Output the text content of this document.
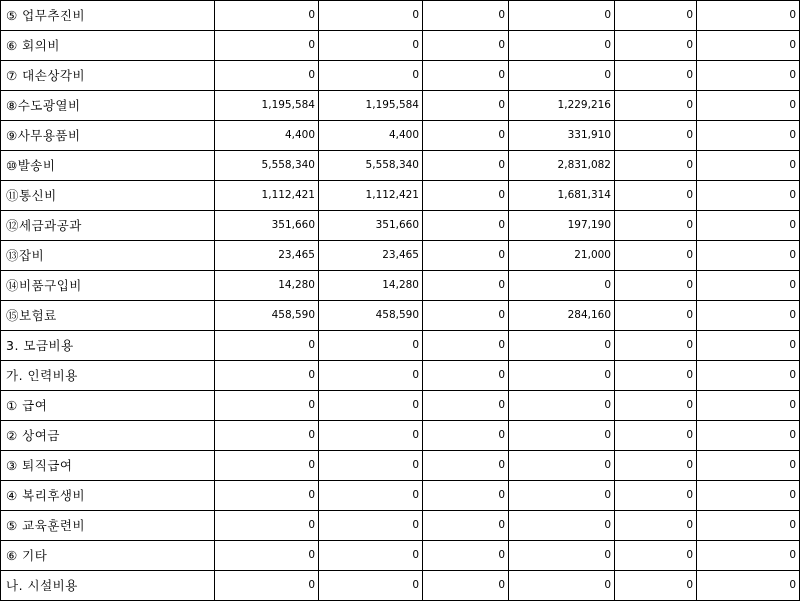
⑤ 업무추진비	0	0	0	0	0	0
⑥ 회의비	0	0	0	0	0	0
⑦ 대손상각비	0	0	0	0	0	0
⑧수도광열비	1,195,584	1,195,584	0	1,229,216	0	0
⑨사무용품비	4,400	4,400	0	331,910	0	0
⑩발송비	5,558,340	5,558,340	0	2,831,082	0	0
⑪통신비	1,112,421	1,112,421	0	1,681,314	0	0
⑫세금과공과	351,660	351,660	0	197,190	0	0
⑬잡비	23,465	23,465	0	21,000	0	0
⑭비품구입비	14,280	14,280	0	0	0	0
⑮보험료	458,590	458,590	0	284,160	0	0
3. 모금비용	0	0	0	0	0	0
가. 인력비용	0	0	0	0	0	0
① 급여	0	0	0	0	0	0
② 상여금	0	0	0	0	0	0
③ 퇴직급여	0	0	0	0	0	0
④ 복리후생비	0	0	0	0	0	0
⑤ 교육훈련비	0	0	0	0	0	0
⑥ 기타	0	0	0	0	0	0
나. 시설비용	0	0	0	0	0	0
